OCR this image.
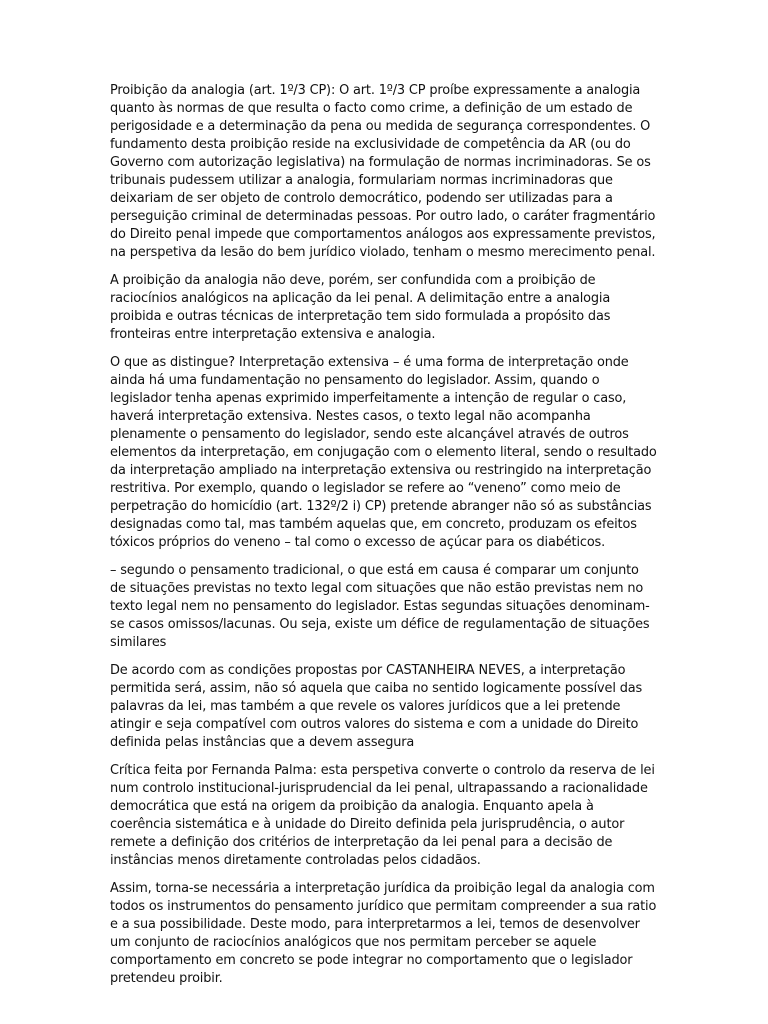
Proibição da analogia (art. 1º/3 CP): O art. 1º/3 CP proíbe expressamente a analogia quanto às normas de que resulta o facto como crime, a definição de um estado de perigosidade e a determinação da pena ou medida de segurança correspondentes. O fundamento desta proibição reside na exclusividade de competência da AR (ou do Governo com autorização legislativa) na formulação de normas incriminadoras. Se os tribunais pudessem utilizar a analogia, formulariam normas incriminadoras que deixariam de ser objeto de controlo democrático, podendo ser utilizadas para a perseguição criminal de determinadas pessoas. Por outro lado, o caráter fragmentário do Direito penal impede que comportamentos análogos aos expressamente previstos, na perspetiva da lesão do bem jurídico violado, tenham o mesmo merecimento penal.

A proibição da analogia não deve, porém, ser confundida com a proibição de raciocínios analógicos na aplicação da lei penal. A delimitação entre a analogia proibida e outras técnicas de interpretação tem sido formulada a propósito das fronteiras entre interpretação extensiva e analogia.

O que as distingue? Interpretação extensiva – é uma forma de interpretação onde ainda há uma fundamentação no pensamento do legislador. Assim, quando o legislador tenha apenas exprimido imperfeitamente a intenção de regular o caso, haverá interpretação extensiva. Nestes casos, o texto legal não acompanha plenamente o pensamento do legislador, sendo este alcançável através de outros elementos da interpretação, em conjugação com o elemento literal, sendo o resultado da interpretação ampliado na interpretação extensiva ou restringido na interpretação restritiva. Por exemplo, quando o legislador se refere ao “veneno” como meio de perpetração do homicídio (art. 132º/2 i) CP) pretende abranger não só as substâncias designadas como tal, mas também aquelas que, em concreto, produzam os efeitos tóxicos próprios do veneno – tal como o excesso de açúcar para os diabéticos.

– segundo o pensamento tradicional, o que está em causa é comparar um conjunto de situações previstas no texto legal com situações que não estão previstas nem no texto legal nem no pensamento do legislador. Estas segundas situações denominam-se casos omissos/lacunas. Ou seja, existe um défice de regulamentação de situações similares

De acordo com as condições propostas por CASTANHEIRA NEVES, a interpretação permitida será, assim, não só aquela que caiba no sentido logicamente possível das palavras da lei, mas também a que revele os valores jurídicos que a lei pretende atingir e seja compatível com outros valores do sistema e com a unidade do Direito definida pelas instâncias que a devem assegura

Crítica feita por Fernanda Palma: esta perspetiva converte o controlo da reserva de lei num controlo institucional-jurisprudencial da lei penal, ultrapassando a racionalidade democrática que está na origem da proibição da analogia. Enquanto apela à coerência sistemática e à unidade do Direito definida pela jurisprudência, o autor remete a definição dos critérios de interpretação da lei penal para a decisão de instâncias menos diretamente controladas pelos cidadãos.

Assim, torna-se necessária a interpretação jurídica da proibição legal da analogia com todos os instrumentos do pensamento jurídico que permitam compreender a sua ratio e a sua possibilidade. Deste modo, para interpretarmos a lei, temos de desenvolver um conjunto de raciocínios analógicos que nos permitam perceber se aquele comportamento em concreto se pode integrar no comportamento que o legislador pretendeu proibir.
